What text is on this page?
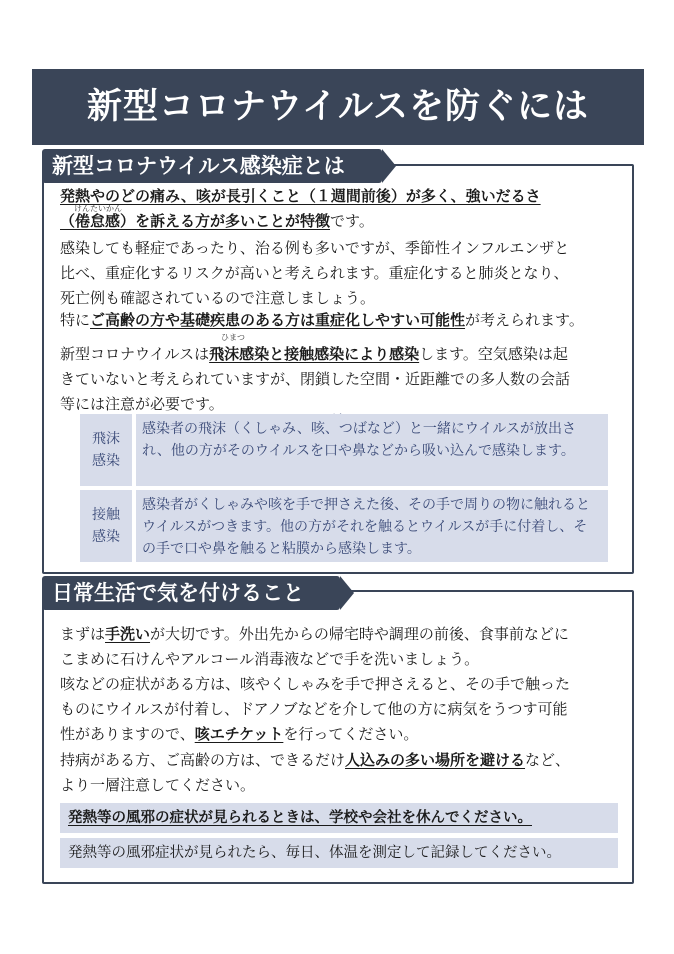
新型コロナウイルスを防ぐには
新型コロナウイルス感染症とは
けんたいかん
発熱やのどの痛み、咳が長引くこと（１週間前後）が多く、強いだるさ
（倦怠感）を訴える方が多いことが特徴です。
感染しても軽症であったり、治る例も多いですが、季節性インフルエンザと
比べ、重症化するリスクが高いと考えられます。重症化すると肺炎となり、
死亡例も確認されているので注意しましょう。
特にご高齢の方や基礎疾患のある方は重症化しやすい可能性が考えられます。
ひまつ
新型コロナウイルスは飛沫感染と接触感染により感染します。空気感染は起
きていないと考えられていますが、閉鎖した空間・近距離での多人数の会話
等には注意が必要です。
飛沫
感染
感染者の飛沫（くしゃみ、咳、つばなど）と一緒にウイルスが放出され、他の方がそのウイルスを口や鼻などから吸い込んで感染します。
接触
感染
感染者がくしゃみや咳を手で押さえた後、その手で周りの物に触れるとウイルスがつきます。他の方がそれを触るとウイルスが手に付着し、その手で口や鼻を触ると粘膜から感染します。
日常生活で気を付けること
まずは手洗いが大切です。外出先からの帰宅時や調理の前後、食事前などに
こまめに石けんやアルコール消毒液などで手を洗いましょう。
咳などの症状がある方は、咳やくしゃみを手で押さえると、その手で触った
ものにウイルスが付着し、ドアノブなどを介して他の方に病気をうつす可能
性がありますので、咳エチケットを行ってください。
持病がある方、ご高齢の方は、できるだけ人込みの多い場所を避けるなど、
より一層注意してください。
発熱等の風邪の症状が見られるときは、学校や会社を休んでください。
発熱等の風邪症状が見られたら、毎日、体温を測定して記録してください。
